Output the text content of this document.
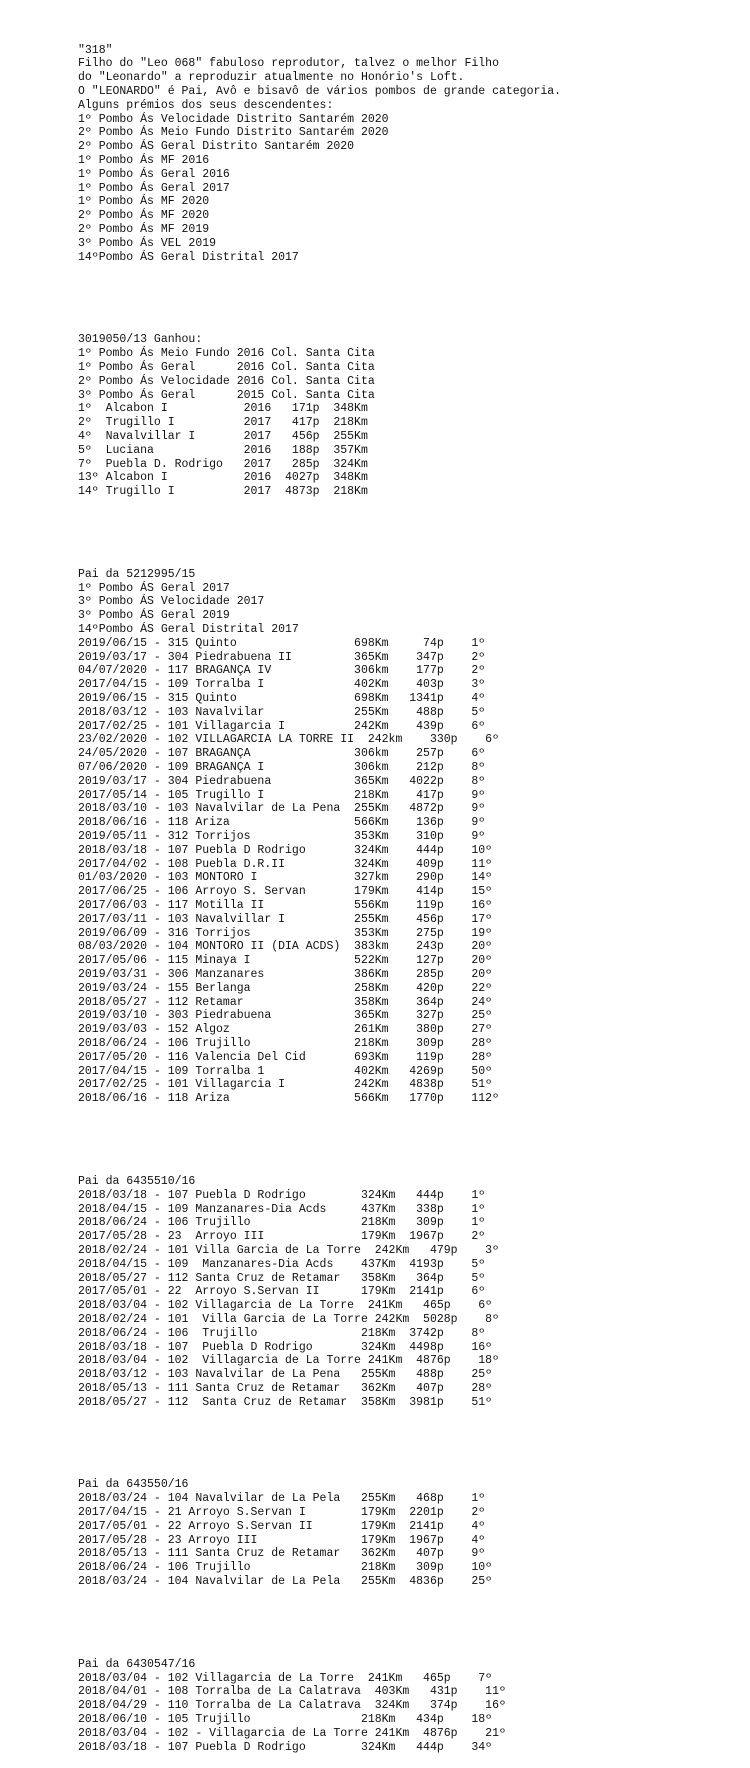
"318"
Filho do "Leo 068" fabuloso reprodutor, talvez o melhor Filho
do "Leonardo" a reproduzir atualmente no Honório's Loft.
O "LEONARDO" é Pai, Avô e bisavô de vários pombos de grande categoria.
Alguns prémios dos seus descendentes:
1º Pombo Ás Velocidade Distrito Santarém 2020
2º Pombo Ás Meio Fundo Distrito Santarém 2020
2º Pombo ÁS Geral Distrito Santarém 2020
1º Pombo Ás MF 2016
1º Pombo Ás Geral 2016
1º Pombo Ás Geral 2017
1º Pombo Ás MF 2020
2º Pombo Ás MF 2020
2º Pombo Ás MF 2019
3º Pombo Ás VEL 2019
14ºPombo ÁS Geral Distrital 2017

3019050/13 Ganhou:
1º Pombo Ás Meio Fundo 2016 Col. Santa Cita
1º Pombo Ás Geral      2016 Col. Santa Cita
2º Pombo Ás Velocidade 2016 Col. Santa Cita
3º Pombo Ás Geral      2015 Col. Santa Cita
1º  Alcabon I           2016   171p  348Km
2º  Trugillo I          2017   417p  218Km
4º  Navalvillar I       2017   456p  255Km
5º  Luciana             2016   188p  357Km
7º  Puebla D. Rodrigo   2017   285p  324Km
13º Alcabon I           2016  4027p  348Km
14º Trugillo I          2017  4873p  218Km

Pai da 5212995/15
1º Pombo ÁS Geral 2017
3º Pombo ÁS Velocidade 2017
3º Pombo ÁS Geral 2019
14ºPombo ÁS Geral Distrital 2017
2019/06/15 - 315 Quinto                 698Km     74p    1º
2019/03/17 - 304 Piedrabuena II         365Km    347p    2º
04/07/2020 - 117 BRAGANÇA IV            306km    177p    2º
2017/04/15 - 109 Torralba I             402Km    403p    3º
2019/06/15 - 315 Quinto                 698Km   1341p    4º
2018/03/12 - 103 Navalvilar             255Km    488p    5º
2017/02/25 - 101 Villagarcia I          242Km    439p    6º
23/02/2020 - 102 VILLAGARCIA LA TORRE II  242km    330p    6º
24/05/2020 - 107 BRAGANÇA               306km    257p    6º
07/06/2020 - 109 BRAGANÇA I             306km    212p    8º
2019/03/17 - 304 Piedrabuena            365Km   4022p    8º
2017/05/14 - 105 Trugillo I             218Km    417p    9º
2018/03/10 - 103 Navalvilar de La Pena  255Km   4872p    9º
2018/06/16 - 118 Ariza                  566Km    136p    9º
2019/05/11 - 312 Torrijos               353Km    310p    9º
2018/03/18 - 107 Puebla D Rodrigo       324Km    444p    10º
2017/04/02 - 108 Puebla D.R.II          324Km    409p    11º
01/03/2020 - 103 MONTORO I              327km    290p    14º
2017/06/25 - 106 Arroyo S. Servan       179Km    414p    15º
2017/06/03 - 117 Motilla II             556Km    119p    16º
2017/03/11 - 103 Navalvillar I          255Km    456p    17º
2019/06/09 - 316 Torrijos               353Km    275p    19º
08/03/2020 - 104 MONTORO II (DIA ACDS)  383km    243p    20º
2017/05/06 - 115 Minaya I               522Km    127p    20º
2019/03/31 - 306 Manzanares             386Km    285p    20º
2019/03/24 - 155 Berlanga               258Km    420p    22º
2018/05/27 - 112 Retamar                358Km    364p    24º
2019/03/10 - 303 Piedrabuena            365Km    327p    25º
2019/03/03 - 152 Algoz                  261Km    380p    27º
2018/06/24 - 106 Trujillo               218Km    309p    28º
2017/05/20 - 116 Valencia Del Cid       693Km    119p    28º
2017/04/15 - 109 Torralba 1             402Km   4269p    50º
2017/02/25 - 101 Villagarcia I          242Km   4838p    51º
2018/06/16 - 118 Ariza                  566Km   1770p    112º

Pai da 6435510/16
2018/03/18 - 107 Puebla D Rodrigo        324Km   444p    1º
2018/04/15 - 109 Manzanares-Dia Acds     437Km   338p    1º
2018/06/24 - 106 Trujillo                218Km   309p    1º
2017/05/28 - 23  Arroyo III              179Km  1967p    2º
2018/02/24 - 101 Villa Garcia de La Torre  242Km   479p    3º
2018/04/15 - 109  Manzanares-Dia Acds    437Km  4193p    5º
2018/05/27 - 112 Santa Cruz de Retamar   358Km   364p    5º
2017/05/01 - 22  Arroyo S.Servan II      179Km  2141p    6º
2018/03/04 - 102 Villagarcia de La Torre  241Km   465p    6º
2018/02/24 - 101  Villa Garcia de La Torre 242Km  5028p    8º
2018/06/24 - 106  Trujillo               218Km  3742p    8º
2018/03/18 - 107  Puebla D Rodrigo       324Km  4498p    16º
2018/03/04 - 102  Villagarcia de La Torre 241Km  4876p    18º
2018/03/12 - 103 Navalvilar de La Pena   255Km   488p    25º
2018/05/13 - 111 Santa Cruz de Retamar   362Km   407p    28º
2018/05/27 - 112  Santa Cruz de Retamar  358Km  3981p    51º

Pai da 643550/16
2018/03/24 - 104 Navalvilar de La Pela   255Km   468p    1º
2017/04/15 - 21 Arroyo S.Servan I        179Km  2201p    2º
2017/05/01 - 22 Arroyo S.Servan II       179Km  2141p    4º
2017/05/28 - 23 Arroyo III               179Km  1967p    4º
2018/05/13 - 111 Santa Cruz de Retamar   362Km   407p    9º
2018/06/24 - 106 Trujillo                218Km   309p    10º
2018/03/24 - 104 Navalvilar de La Pela   255Km  4836p    25º

Pai da 6430547/16
2018/03/04 - 102 Villagarcia de La Torre  241Km   465p    7º
2018/04/01 - 108 Torralba de La Calatrava  403Km   431p    11º
2018/04/29 - 110 Torralba de La Calatrava  324Km   374p    16º
2018/06/10 - 105 Trujillo                218Km   434p    18º
2018/03/04 - 102 - Villagarcia de La Torre 241Km  4876p    21º
2018/03/18 - 107 Puebla D Rodrigo        324Km   444p    34º
